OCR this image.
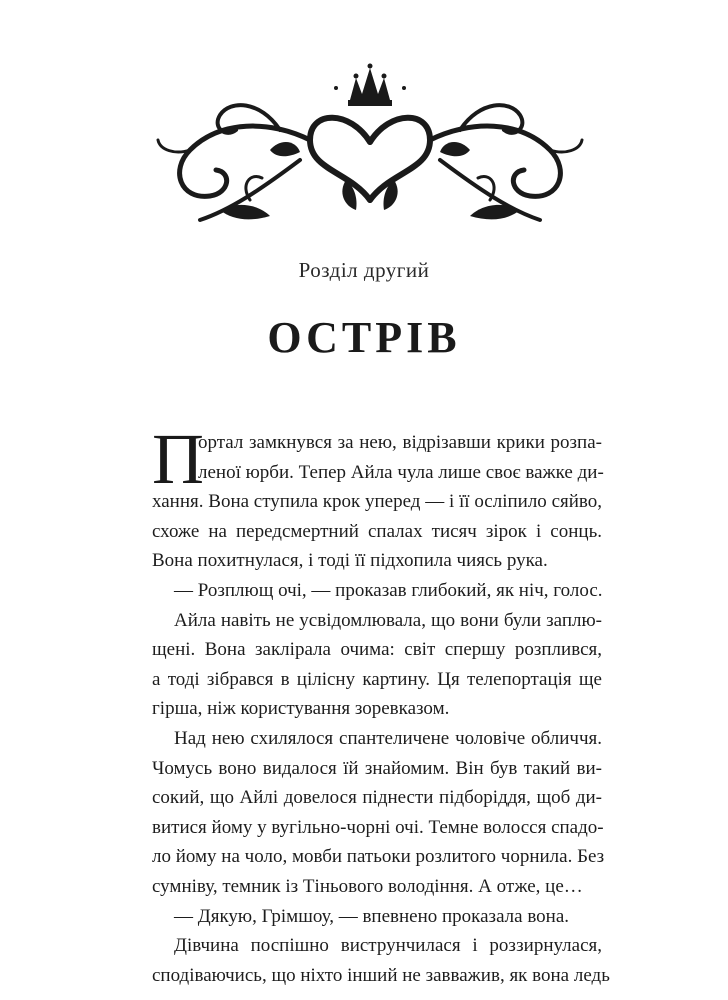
Розділ другий
ОСТРІВ
П
ортал замкнувся за нею, відрізавши крики розпа-
леної юрби. Тепер Айла чула лише своє важке ди-
хання. Вона ступила крок уперед — і її осліпило сяйво,
схоже на передсмертний спалах тисяч зірок і сонць.
Вона похитнулася, і тоді її підхопила чиясь рука.
— Розплющ очі, — проказав глибокий, як ніч, голос.
Айла навіть не усвідомлювала, що вони були заплю-
щені. Вона заклipала очима: світ спершу розплився,
а тоді зібрався в цілісну картину. Ця телепортація ще
гірша, ніж користування зоревказом.
Над нею схилялося спантеличене чоловіче обличчя.
Чомусь воно видалося їй знайомим. Він був такий ви-
сокий, що Айлі довелося піднести підборіддя, щоб ди-
витися йому у вугільно-чорні очі. Темне волосся спадо-
ло йому на чоло, мовби патьоки розлитого чорнила. Без
сумніву, темник із Тіньового володіння. А отже, це…
— Дякую, Грімшоу, — впевнено проказала вона.
Дівчина поспішно виструнчилася і роззирнулася,
сподіваючись, що ніхто інший не завважив, як вона ледь
